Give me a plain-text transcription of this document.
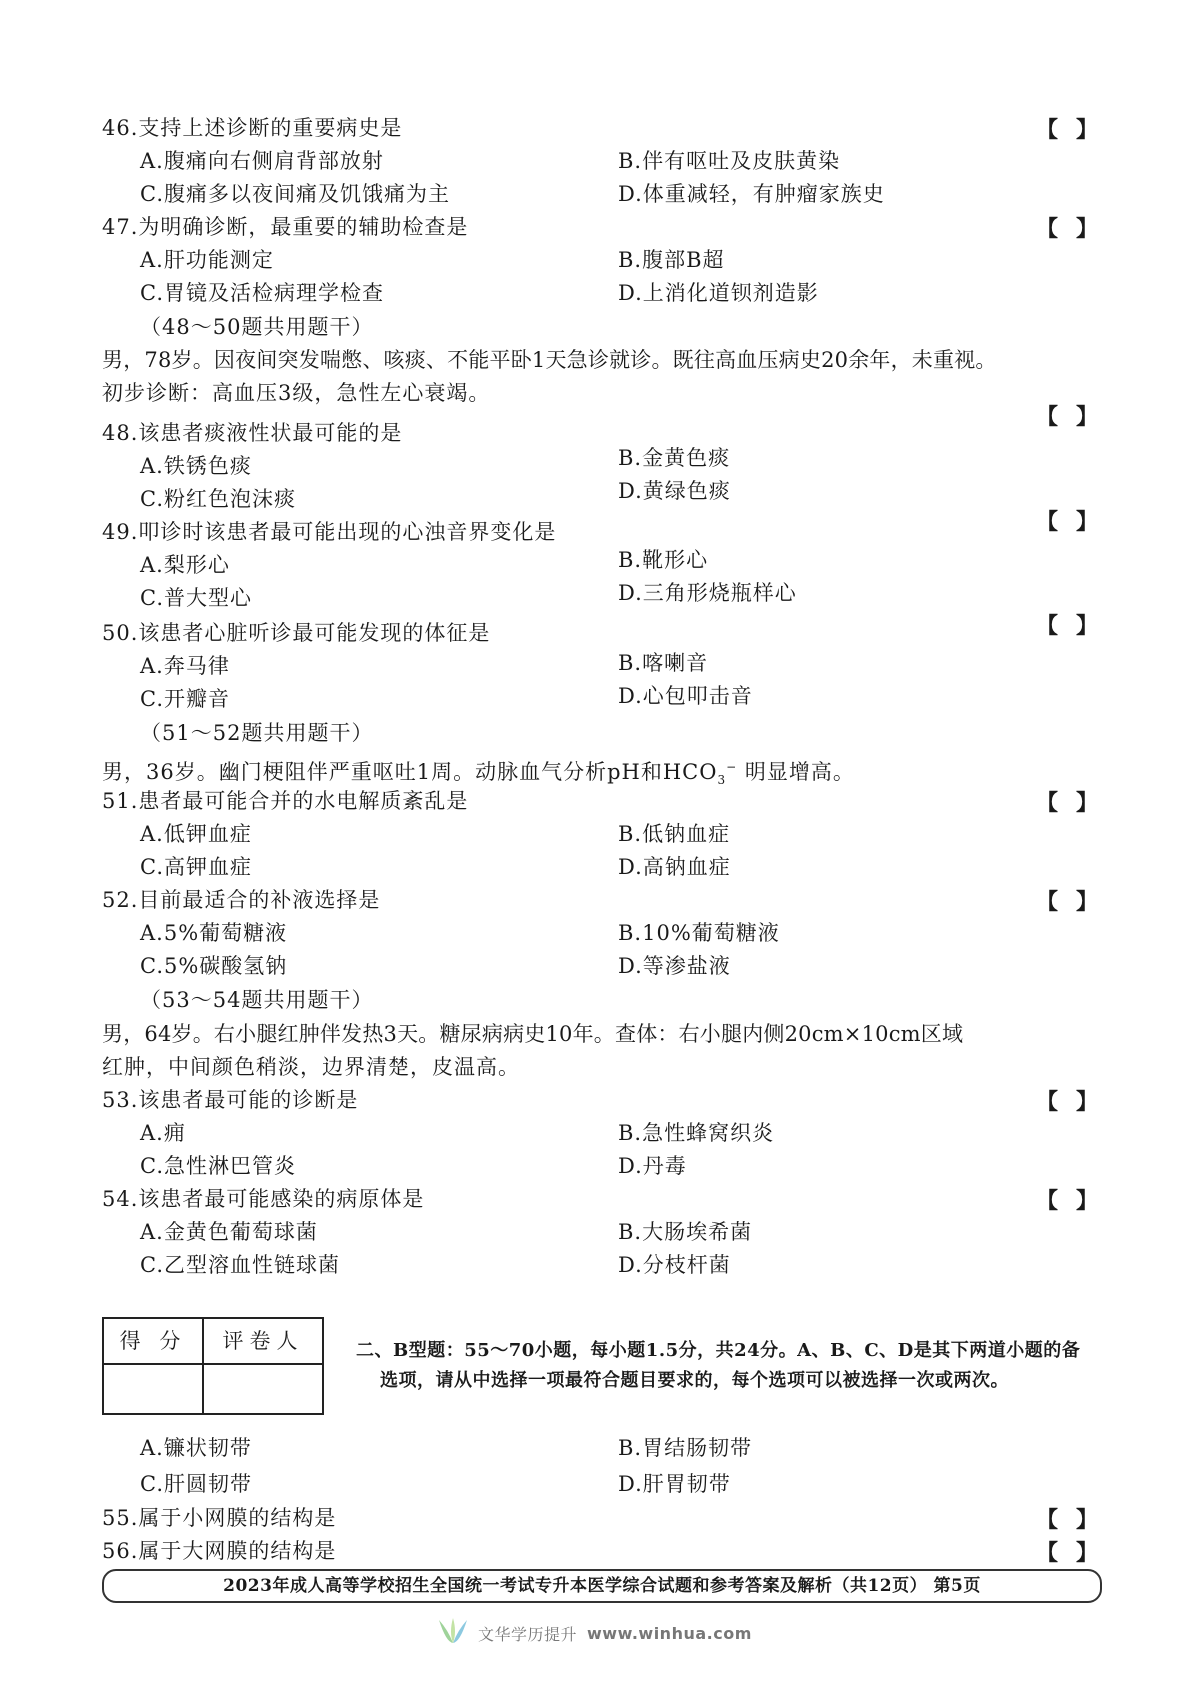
46.支持上述诊断的重要病史是
【 】
A.腹痛向右侧肩背部放射	B.伴有呕吐及皮肤黄染
C.腹痛多以夜间痛及饥饿痛为主	D.体重减轻，有肿瘤家族史
47.为明确诊断，最重要的辅助检查是
【 】
A.肝功能测定	B.腹部B超
C.胃镜及活检病理学检查	D.上消化道钡剂造影
（48～50题共用题干）
男，78岁。因夜间突发喘憋、咳痰、不能平卧1天急诊就诊。既往高血压病史20余年，未重视。
初步诊断：高血压3级，急性左心衰竭。
【 】
48.该患者痰液性状最可能的是
A.铁锈色痰	B.金黄色痰
C.粉红色泡沫痰	D.黄绿色痰
【 】
49.叩诊时该患者最可能出现的心浊音界变化是
A.梨形心	B.靴形心
C.普大型心	D.三角形烧瓶样心
【 】
50.该患者心脏听诊最可能发现的体征是
A.奔马律	B.喀喇音
C.开瓣音	D.心包叩击音
（51～52题共用题干）
男，36岁。幽门梗阻伴严重呕吐1周。动脉血气分析pH和$HCO_3^-$ 明显增高。
51.患者最可能合并的水电解质紊乱是
【 】
A.低钾血症	B.低钠血症
C.高钾血症	D.高钠血症
52.目前最适合的补液选择是
【 】
A.5%葡萄糖液	B.10%葡萄糖液
C.5%碳酸氢钠	D.等渗盐液
（53～54题共用题干）
男，64岁。右小腿红肿伴发热3天。糖尿病病史10年。查体：右小腿内侧20cm×10cm区域
红肿，中间颜色稍淡，边界清楚，皮温高。
53.该患者最可能的诊断是
【 】
A.痈	B.急性蜂窝织炎
C.急性淋巴管炎	D.丹毒
54.该患者最可能感染的病原体是
【 】
A.金黄色葡萄球菌	B.大肠埃希菌
C.乙型溶血性链球菌	D.分枝杆菌
得 分	评卷人	二、B型题：55～70小题，每小题1.5分，共24分。A、B、C、D是其下两道小题的备
选项，请从中选择一项最符合题目要求的，每个选项可以被选择一次或两次。
A.镰状韧带	B.胃结肠韧带
C.肝圆韧带	D.肝胃韧带
55.属于小网膜的结构是
【 】
56.属于大网膜的结构是
【 】
2023年成人高等学校招生全国统一考试专升本医学综合试题和参考答案及解析（共12页） 第5页
文华学历提升 www.winhua.com
